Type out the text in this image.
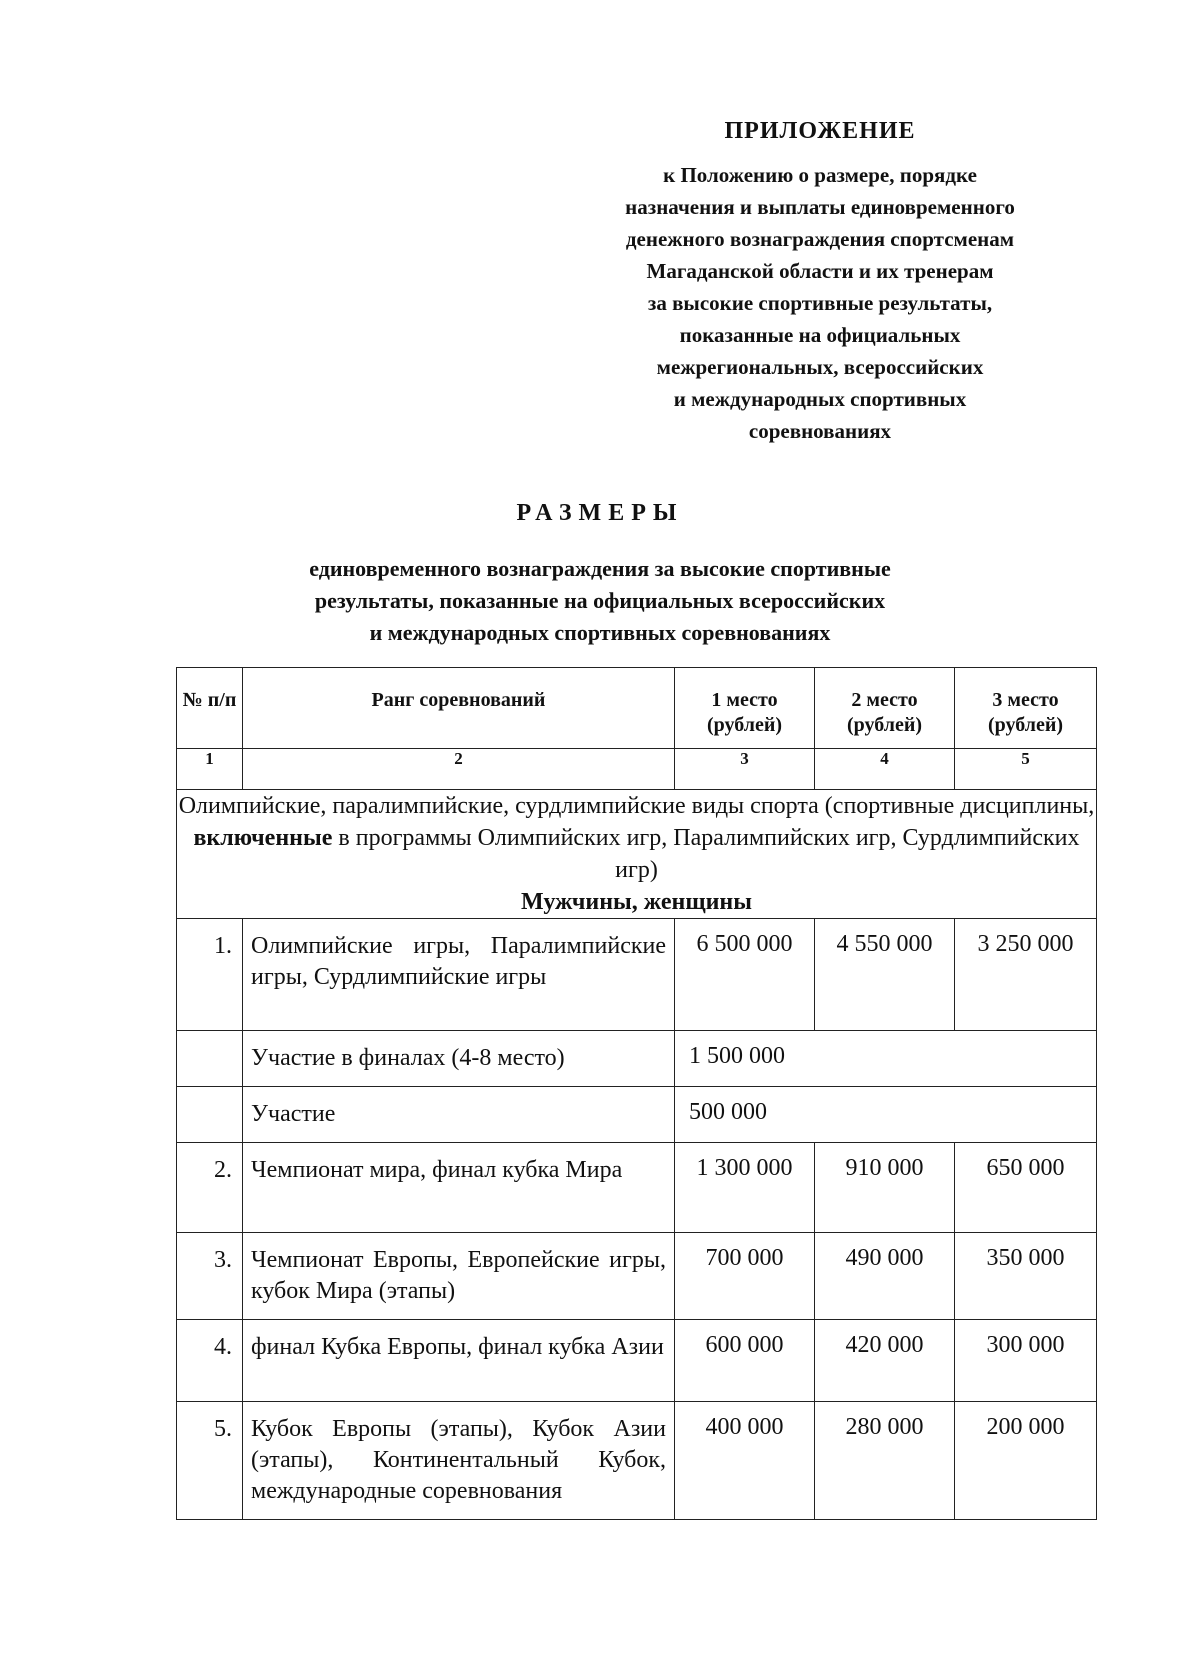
ПРИЛОЖЕНИЕ
к Положению о размере, порядке
назначения и выплаты единовременного
денежного вознаграждения спортсменам
Магаданской области и их тренерам
за высокие спортивные результаты,
показанные на официальных
межрегиональных, всероссийских
и международных спортивных
соревнованиях
РАЗМЕРЫ
единовременного вознаграждения за высокие спортивные
результаты, показанные на официальных всероссийских
и международных спортивных соревнованиях
№ п/п	Ранг соревнований	1 место (рублей)	2 место (рублей)	3 место (рублей)
1	2	3	4	5
Олимпийские, паралимпийские, сурдлимпийские виды спорта (спортивные дисциплины, включенные в программы Олимпийских игр, Паралимпийских игр, Сурдлимпийских игр)
Мужчины, женщины				

1.	Олимпийские игры, Паралимпийские игры, Сурдлимпийские игры	6 500 000	4 550 000	3 250 000
	Участие в финалах (4-8 место)	1 500 000		
	Участие	500 000		
2.	Чемпионат мира, финал кубка Мира	1 300 000	910 000	650 000
3.	Чемпионат Европы, Европейские игры, кубок Мира (этапы)	700 000	490 000	350 000
4.	финал Кубка Европы, финал кубка Азии	600 000	420 000	300 000
5.	Кубок Европы (этапы), Кубок Азии (этапы), Континентальный Кубок, международные соревнования	400 000	280 000	200 000
